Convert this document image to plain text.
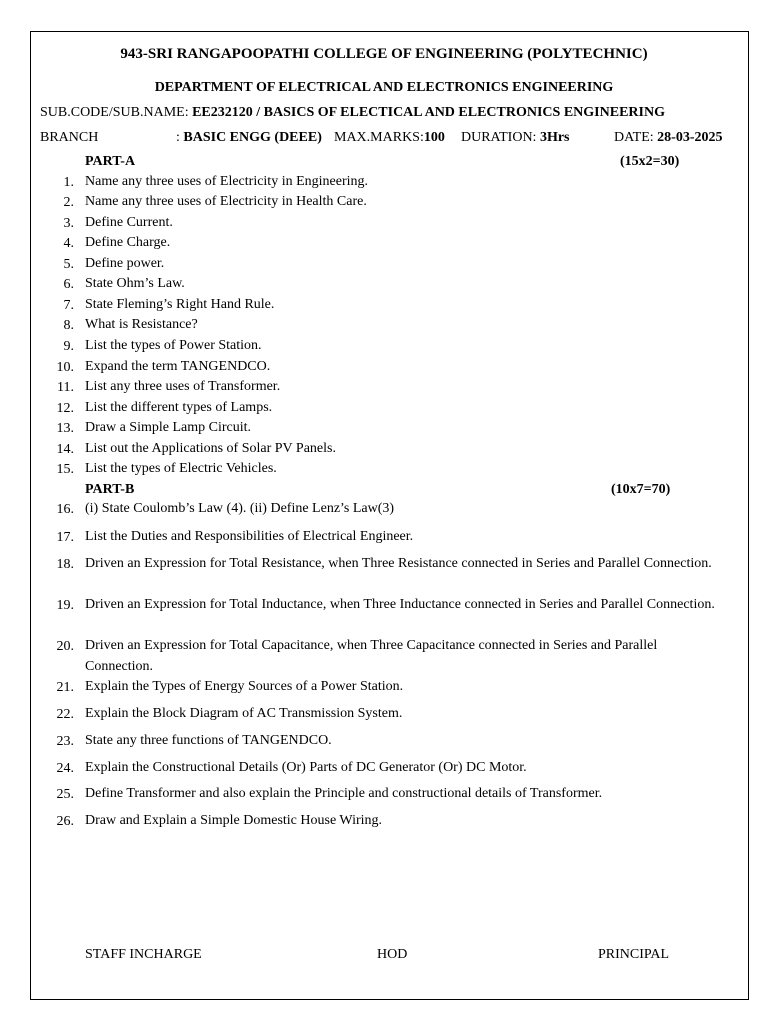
943-SRI RANGAPOOPATHI COLLEGE OF ENGINEERING (POLYTECHNIC)
DEPARTMENT OF ELECTRICAL AND ELECTRONICS ENGINEERING
SUB.CODE/SUB.NAME: EE232120 / BASICS OF ELECTICAL AND ELECTRONICS ENGINEERING
BRANCH	: BASIC ENGG (DEEE) MAX.MARKS:100 DURATION: 3Hrs	DATE: 28-03-2025
PART-A	(15x2=30)
1. Name any three uses of Electricity in Engineering.
2. Name any three uses of Electricity in Health Care.
3. Define Current.
4. Define Charge.
5. Define power.
6. State Ohm’s Law.
7. State Fleming’s Right Hand Rule.
8. What is Resistance?
9. List the types of Power Station.
10. Expand the term TANGENDCO.
11. List any three uses of Transformer.
12. List the different types of Lamps.
13. Draw a Simple Lamp Circuit.
14. List out the Applications of Solar PV Panels.
15. List the types of Electric Vehicles.
PART-B	(10x7=70)
16. (i) State Coulomb’s Law (4). (ii) Define Lenz’s Law(3)
17. List the Duties and Responsibilities of Electrical Engineer.
18. Driven an Expression for Total Resistance, when Three Resistance connected in Series and Parallel Connection.
19. Driven an Expression for Total Inductance, when Three Inductance connected in Series and Parallel Connection.
20. Driven an Expression for Total Capacitance, when Three Capacitance connected in Series and Parallel Connection.
21. Explain the Types of Energy Sources of a Power Station.
22. Explain the Block Diagram of AC Transmission System.
23. State any three functions of TANGENDCO.
24. Explain the Constructional Details (Or) Parts of DC Generator (Or) DC Motor.
25. Define Transformer and also explain the Principle and constructional details of Transformer.
26. Draw and Explain a Simple Domestic House Wiring.
STAFF INCHARGE	HOD	PRINCIPAL
